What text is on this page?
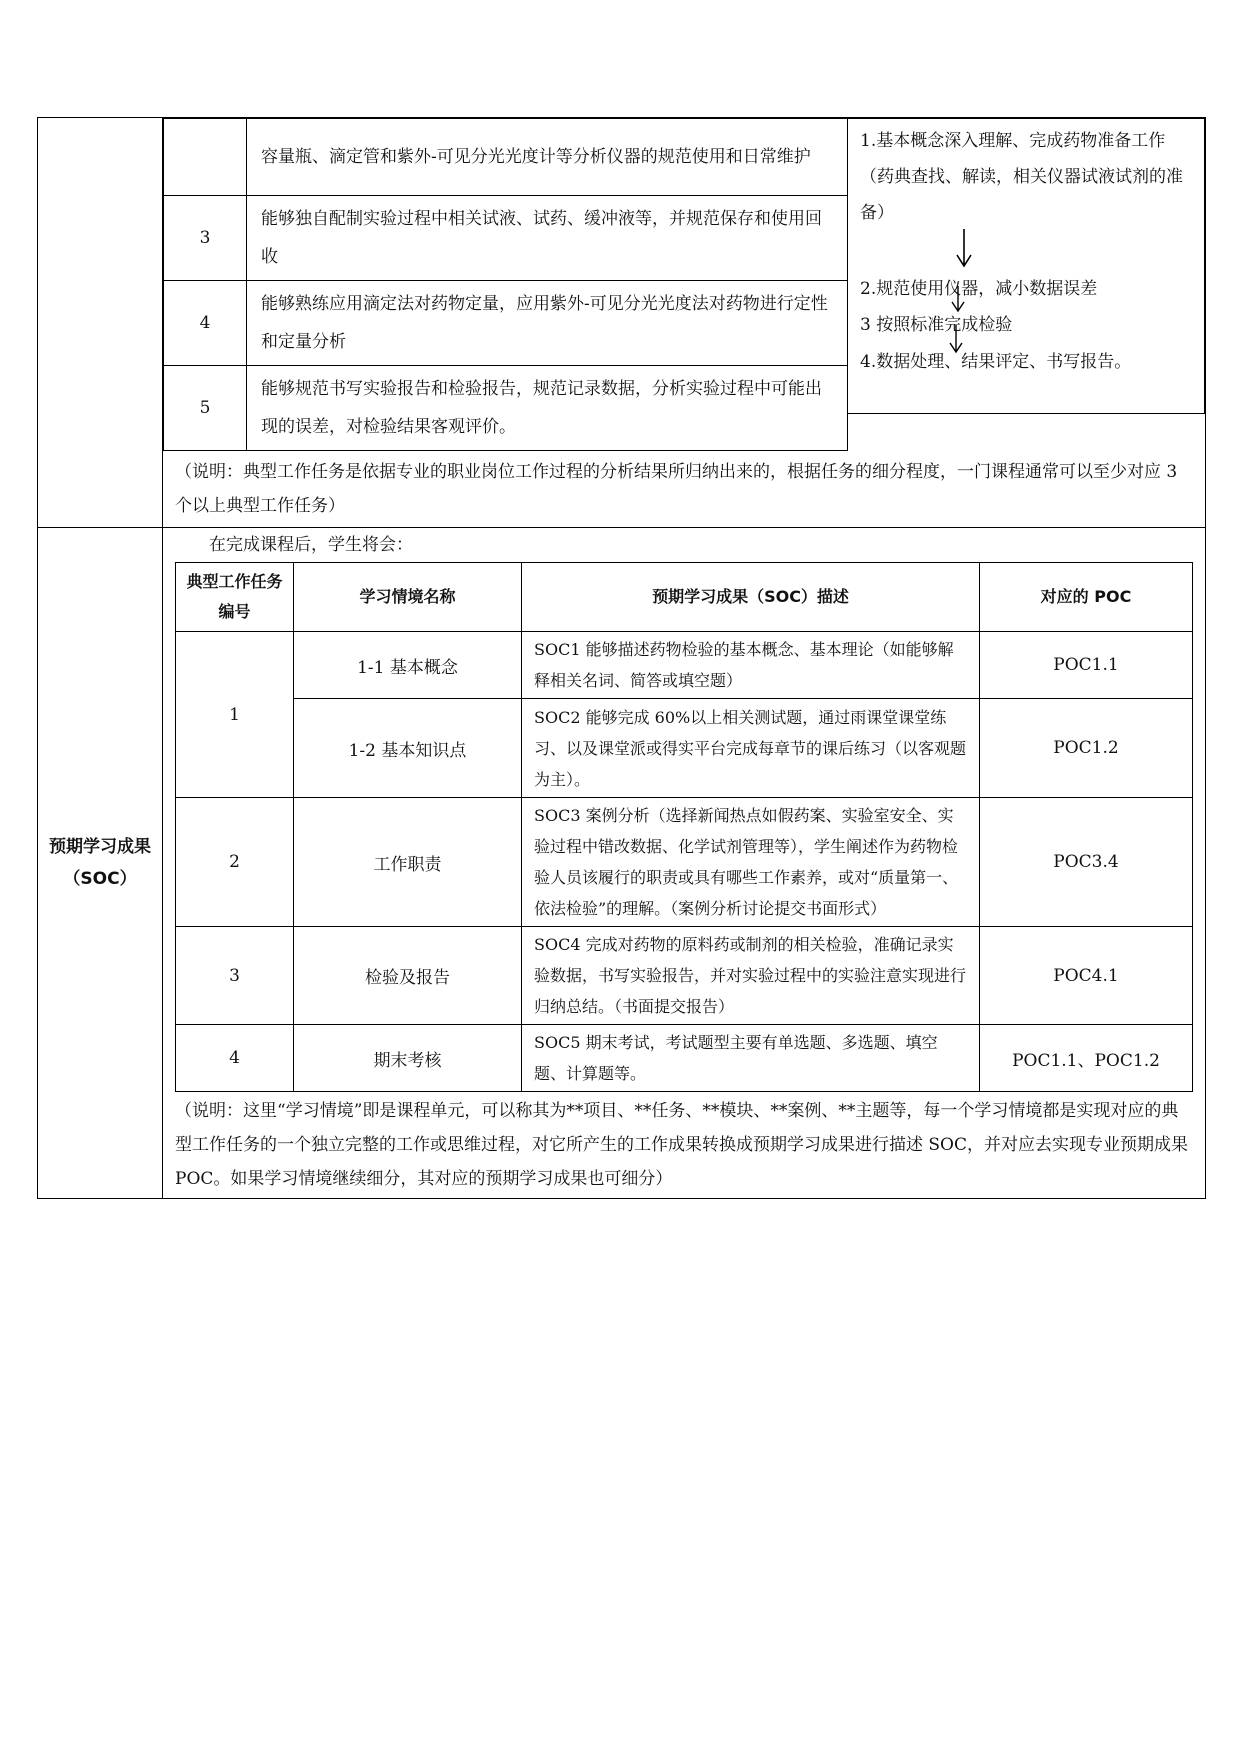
	容量瓶、滴定管和紫外-可见分光光度计等分析仪器的规范使用和日常维护
3	能够独自配制实验过程中相关试液、试药、缓冲液等，并规范保存和使用回收
4	能够熟练应用滴定法对药物定量，应用紫外-可见分光光度法对药物进行定性和定量分析
5	能够规范书写实验报告和检验报告，规范记录数据，分析实验过程中可能出现的误差，对检验结果客观评价。

1.基本概念深入理解、完成药物准备工作（药典查找、解读，相关仪器试液试剂的准备）

2.规范使用仪器，减小数据误差

3 按照标准完成检验

4.数据处理、结果评定、书写报告。

（说明：典型工作任务是依据专业的职业岗位工作过程的分析结果所归纳出来的，根据任务的细分程度，一门课程通常可以至少对应 3 个以上典型工作任务）
预期学习成果（SOC）
在完成课程后，学生将会：
典型工作任务编号	学习情境名称	预期学习成果（SOC）描述	对应的 POC
1	1-1 基本概念	SOC1 能够描述药物检验的基本概念、基本理论（如能够解释相关名词、简答或填空题）	POC1.1
	1-2 基本知识点	SOC2 能够完成 60%以上相关测试题，通过雨课堂课堂练习、以及课堂派或得实平台完成每章节的课后练习（以客观题为主）。	POC1.2
2	工作职责	SOC3 案例分析（选择新闻热点如假药案、实验室安全、实验过程中错改数据、化学试剂管理等），学生阐述作为药物检验人员该履行的职责或具有哪些工作素养，或对“质量第一、依法检验”的理解。（案例分析讨论提交书面形式）	POC3.4
3	检验及报告	SOC4 完成对药物的原料药或制剂的相关检验，准确记录实验数据，书写实验报告，并对实验过程中的实验注意实现进行归纳总结。（书面提交报告）	POC4.1
4	期末考核	SOC5 期末考试，考试题型主要有单选题、多选题、填空题、计算题等。	POC1.1、POC1.2
（说明：这里“学习情境”即是课程单元，可以称其为**项目、**任务、**模块、**案例、**主题等，每一个学习情境都是实现对应的典型工作任务的一个独立完整的工作或思维过程，对它所产生的工作成果转换成预期学习成果进行描述 SOC，并对应去实现专业预期成果 POC。如果学习情境继续细分，其对应的预期学习成果也可细分）
